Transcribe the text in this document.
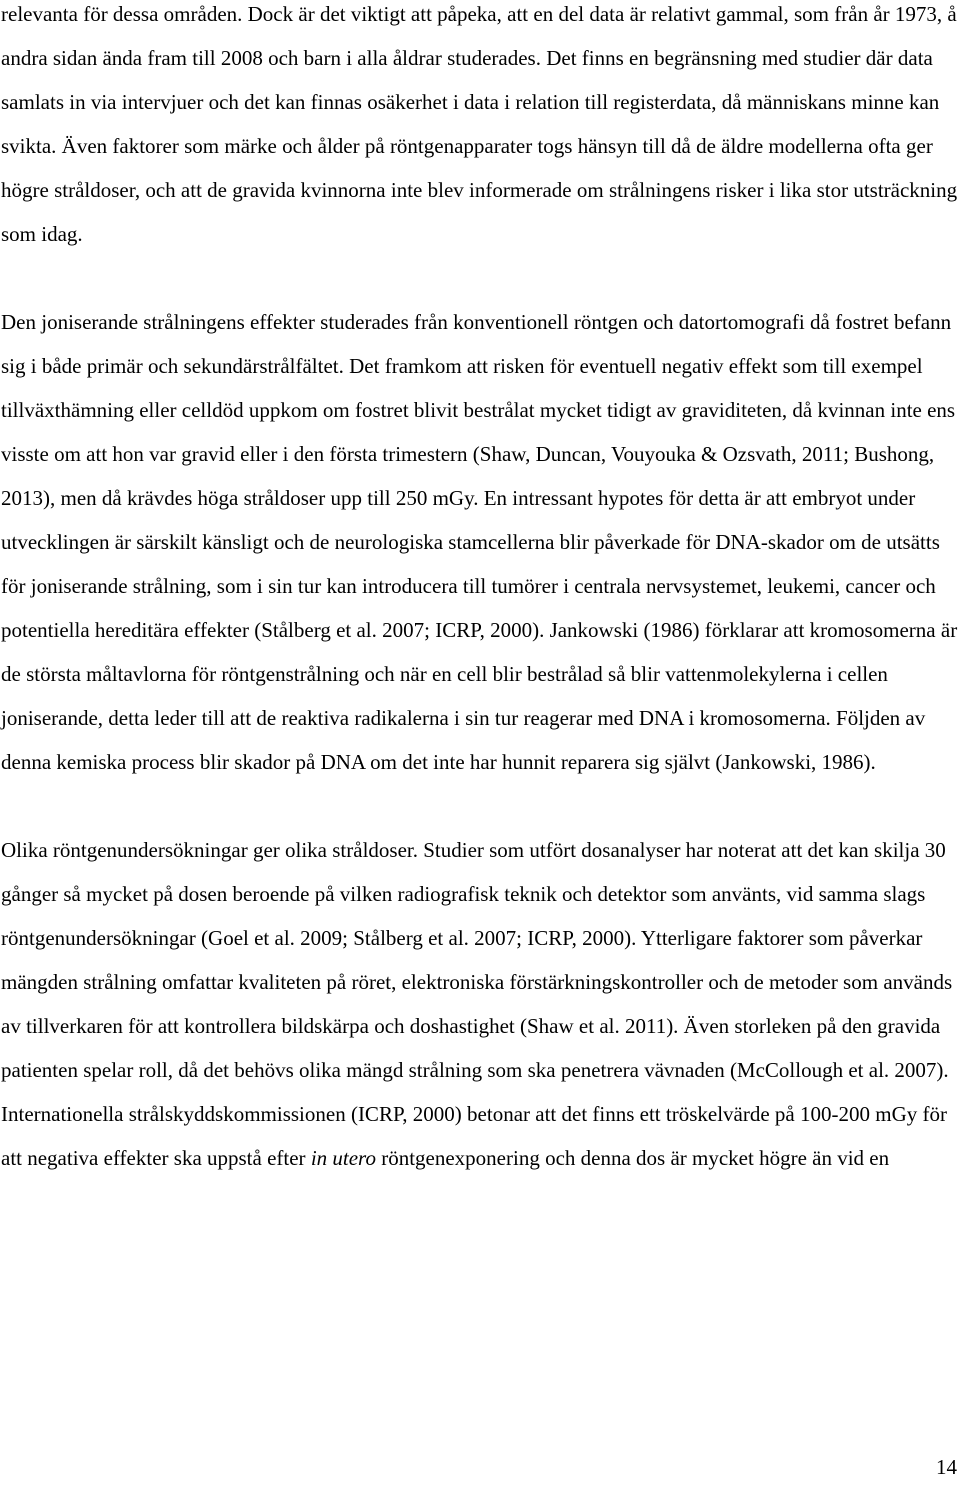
relevanta för dessa områden. Dock är det viktigt att påpeka, att en del data är relativt gammal, som från år 1973, å andra sidan ända fram till 2008 och barn i alla åldrar studerades. Det finns en begränsning med studier där data samlats in via intervjuer och det kan finnas osäkerhet i data i relation till registerdata, då människans minne kan svikta. Även faktorer som märke och ålder på röntgenapparater togs hänsyn till då de äldre modellerna ofta ger högre stråldoser, och att de gravida kvinnorna inte blev informerade om strålningens risker i lika stor utsträckning som idag.

Den joniserande strålningens effekter studerades från konventionell röntgen och datortomografi då fostret befann sig i både primär och sekundärstrålfältet. Det framkom att risken för eventuell negativ effekt som till exempel tillväxthämning eller celldöd uppkom om fostret blivit bestrålat mycket tidigt av graviditeten, då kvinnan inte ens visste om att hon var gravid eller i den första trimestern (Shaw, Duncan, Vouyouka & Ozsvath, 2011; Bushong, 2013), men då krävdes höga stråldoser upp till 250 mGy. En intressant hypotes för detta är att embryot under utvecklingen är särskilt känsligt och de neurologiska stamcellerna blir påverkade för DNA-skador om de utsätts för joniserande strålning, som i sin tur kan introducera till tumörer i centrala nervsystemet, leukemi, cancer och potentiella hereditära effekter (Stålberg et al. 2007; ICRP, 2000). Jankowski (1986) förklarar att kromosomerna är de största måltavlorna för röntgenstrålning och när en cell blir bestrålad så blir vattenmolekylerna i cellen joniserande, detta leder till att de reaktiva radikalerna i sin tur reagerar med DNA i kromosomerna. Följden av denna kemiska process blir skador på DNA om det inte har hunnit reparera sig självt (Jankowski, 1986).

Olika röntgenundersökningar ger olika stråldoser. Studier som utfört dosanalyser har noterat att det kan skilja 30 gånger så mycket på dosen beroende på vilken radiografisk teknik och detektor som använts, vid samma slags röntgenundersökningar (Goel et al. 2009; Stålberg et al. 2007; ICRP, 2000). Ytterligare faktorer som påverkar mängden strålning omfattar kvaliteten på röret, elektroniska förstärkningskontroller och de metoder som används av tillverkaren för att kontrollera bildskärpa och doshastighet (Shaw et al. 2011). Även storleken på den gravida patienten spelar roll, då det behövs olika mängd strålning som ska penetrera vävnaden (McCollough et al. 2007). Internationella strålskyddskommissionen (ICRP, 2000) betonar att det finns ett tröskelvärde på 100-200 mGy för att negativa effekter ska uppstå efter in utero röntgenexponering och denna dos är mycket högre än vid en

14
